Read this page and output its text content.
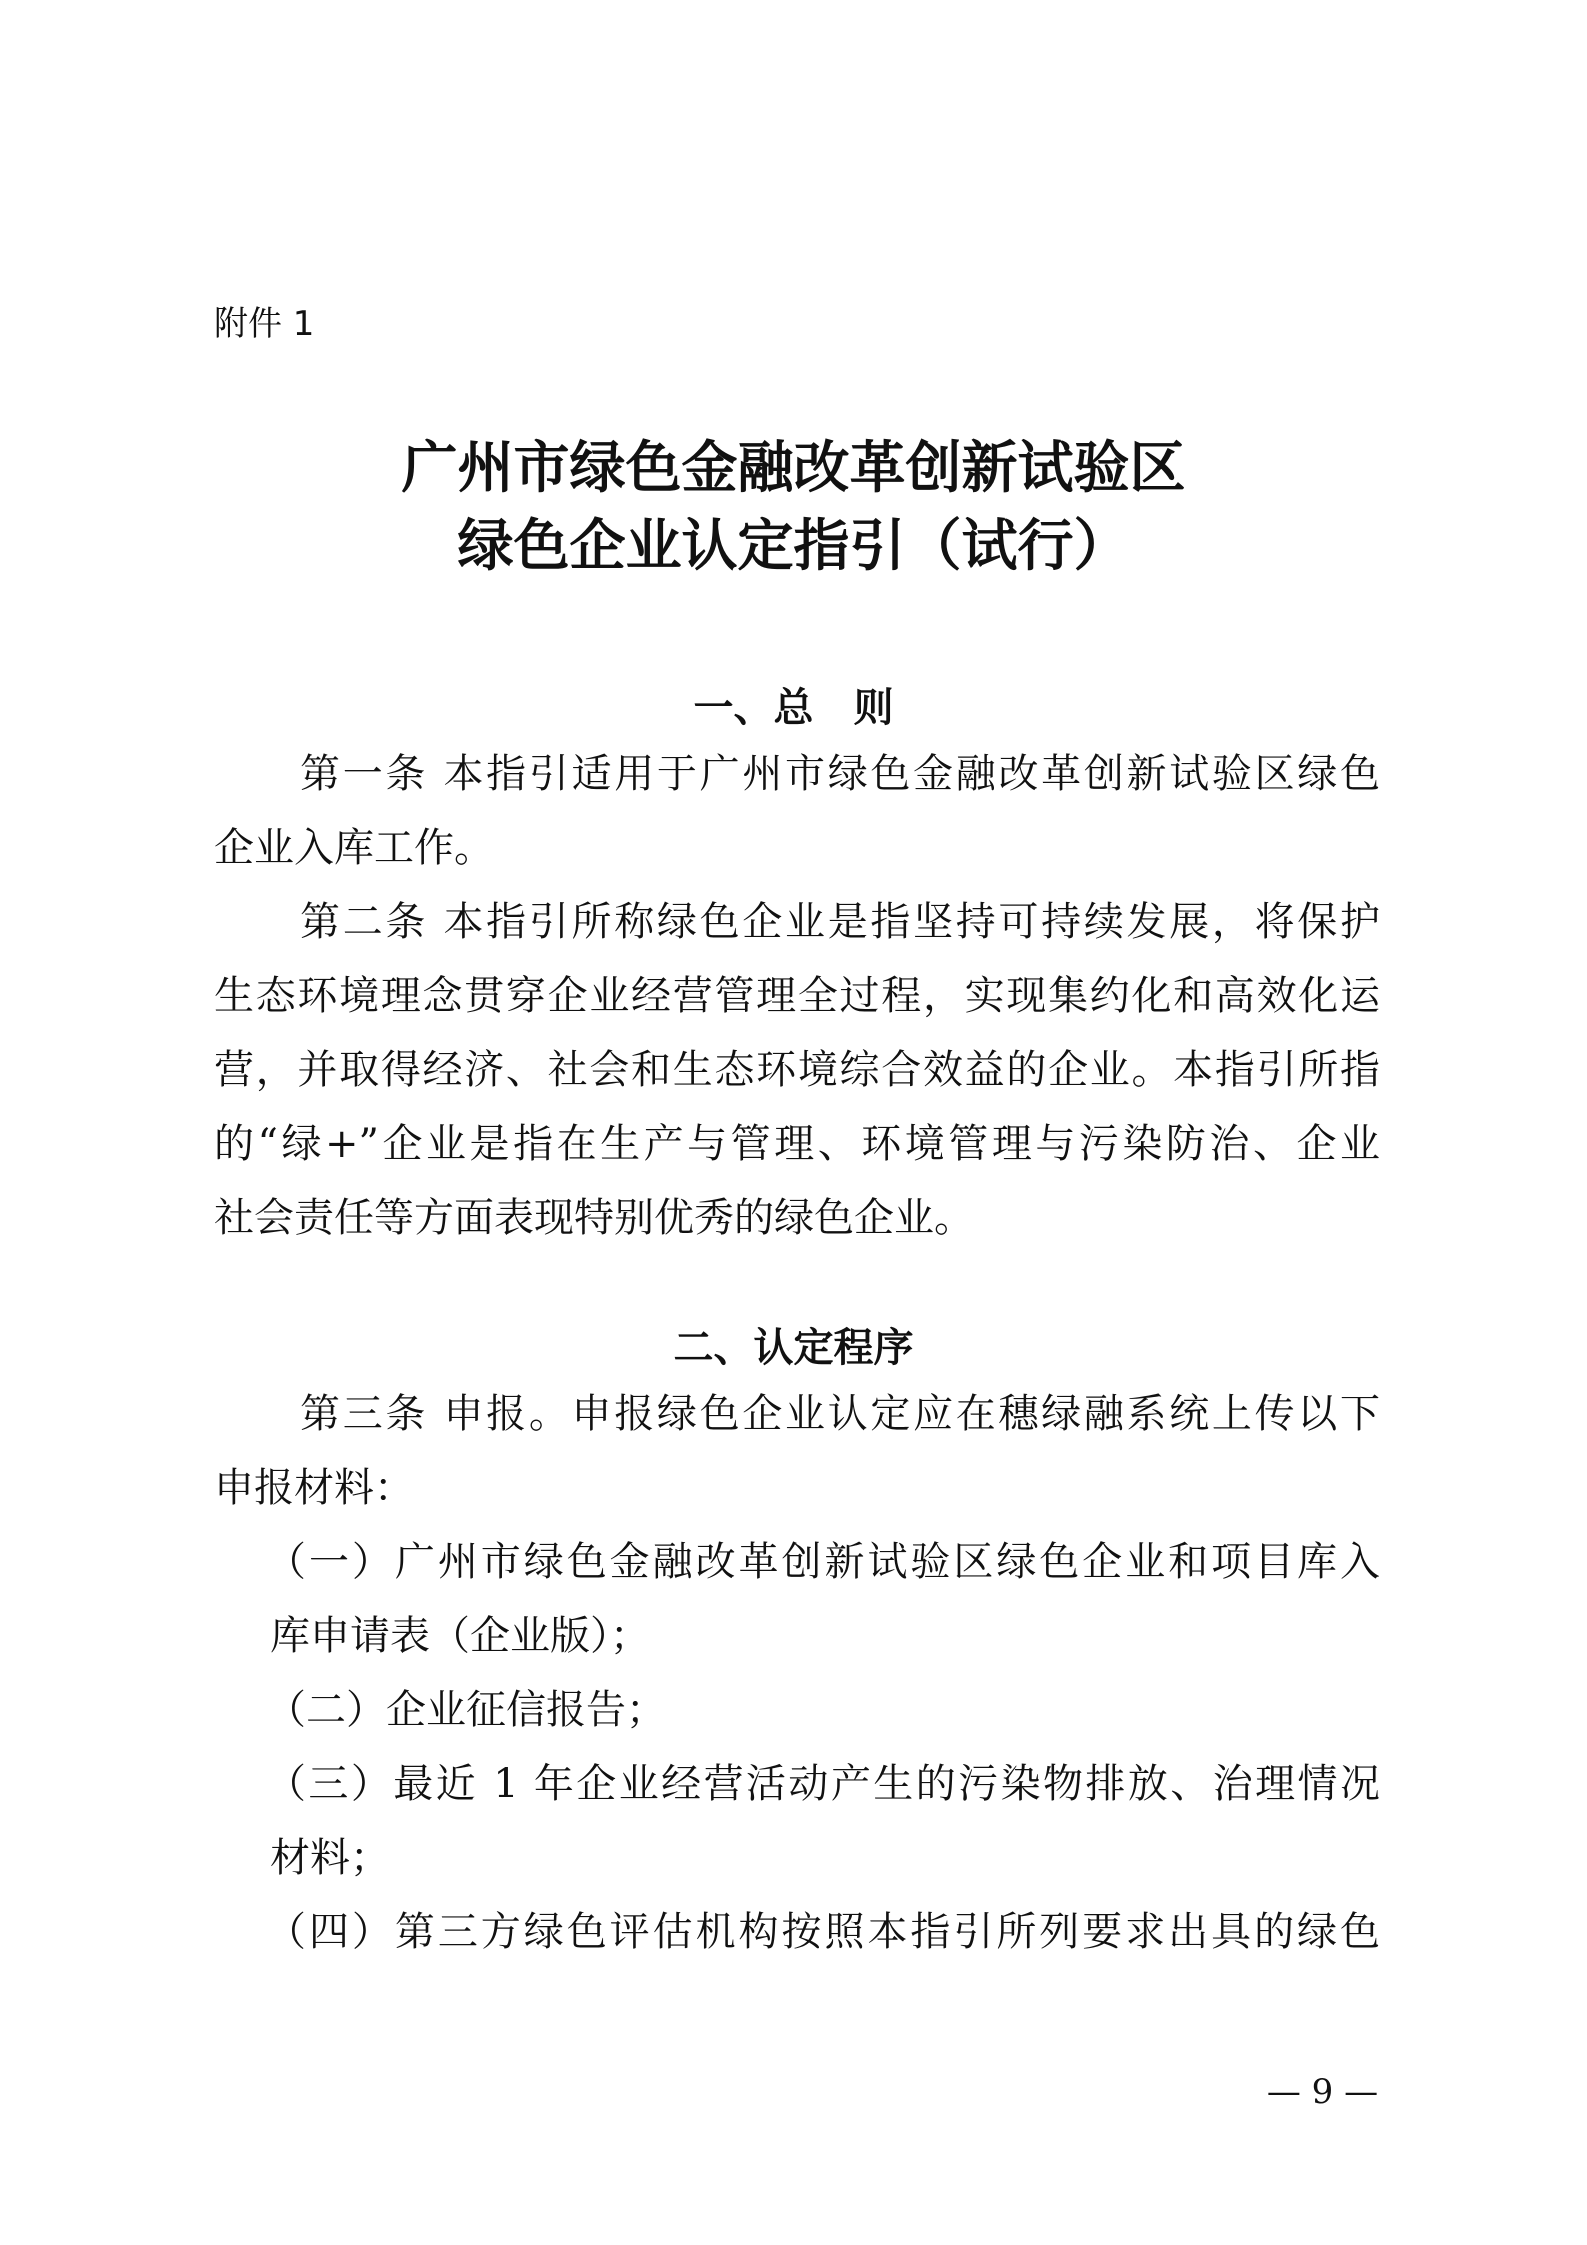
附件 1
广州市绿色金融改革创新试验区
绿色企业认定指引（试行）
一、总　则
第一条 本指引适用于广州市绿色金融改革创新试验区绿色
企业入库工作。
第二条 本指引所称绿色企业是指坚持可持续发展，将保护
生态环境理念贯穿企业经营管理全过程，实现集约化和高效化运
营，并取得经济、社会和生态环境综合效益的企业。本指引所指
的“绿+”企业是指在生产与管理、环境管理与污染防治、企业
社会责任等方面表现特别优秀的绿色企业。
二、认定程序
第三条 申报。申报绿色企业认定应在穗绿融系统上传以下
申报材料：
（一）广州市绿色金融改革创新试验区绿色企业和项目库入
库申请表（企业版）；
（二）企业征信报告；
（三）最近 1 年企业经营活动产生的污染物排放、治理情况
材料；
（四）第三方绿色评估机构按照本指引所列要求出具的绿色
— 9 —
